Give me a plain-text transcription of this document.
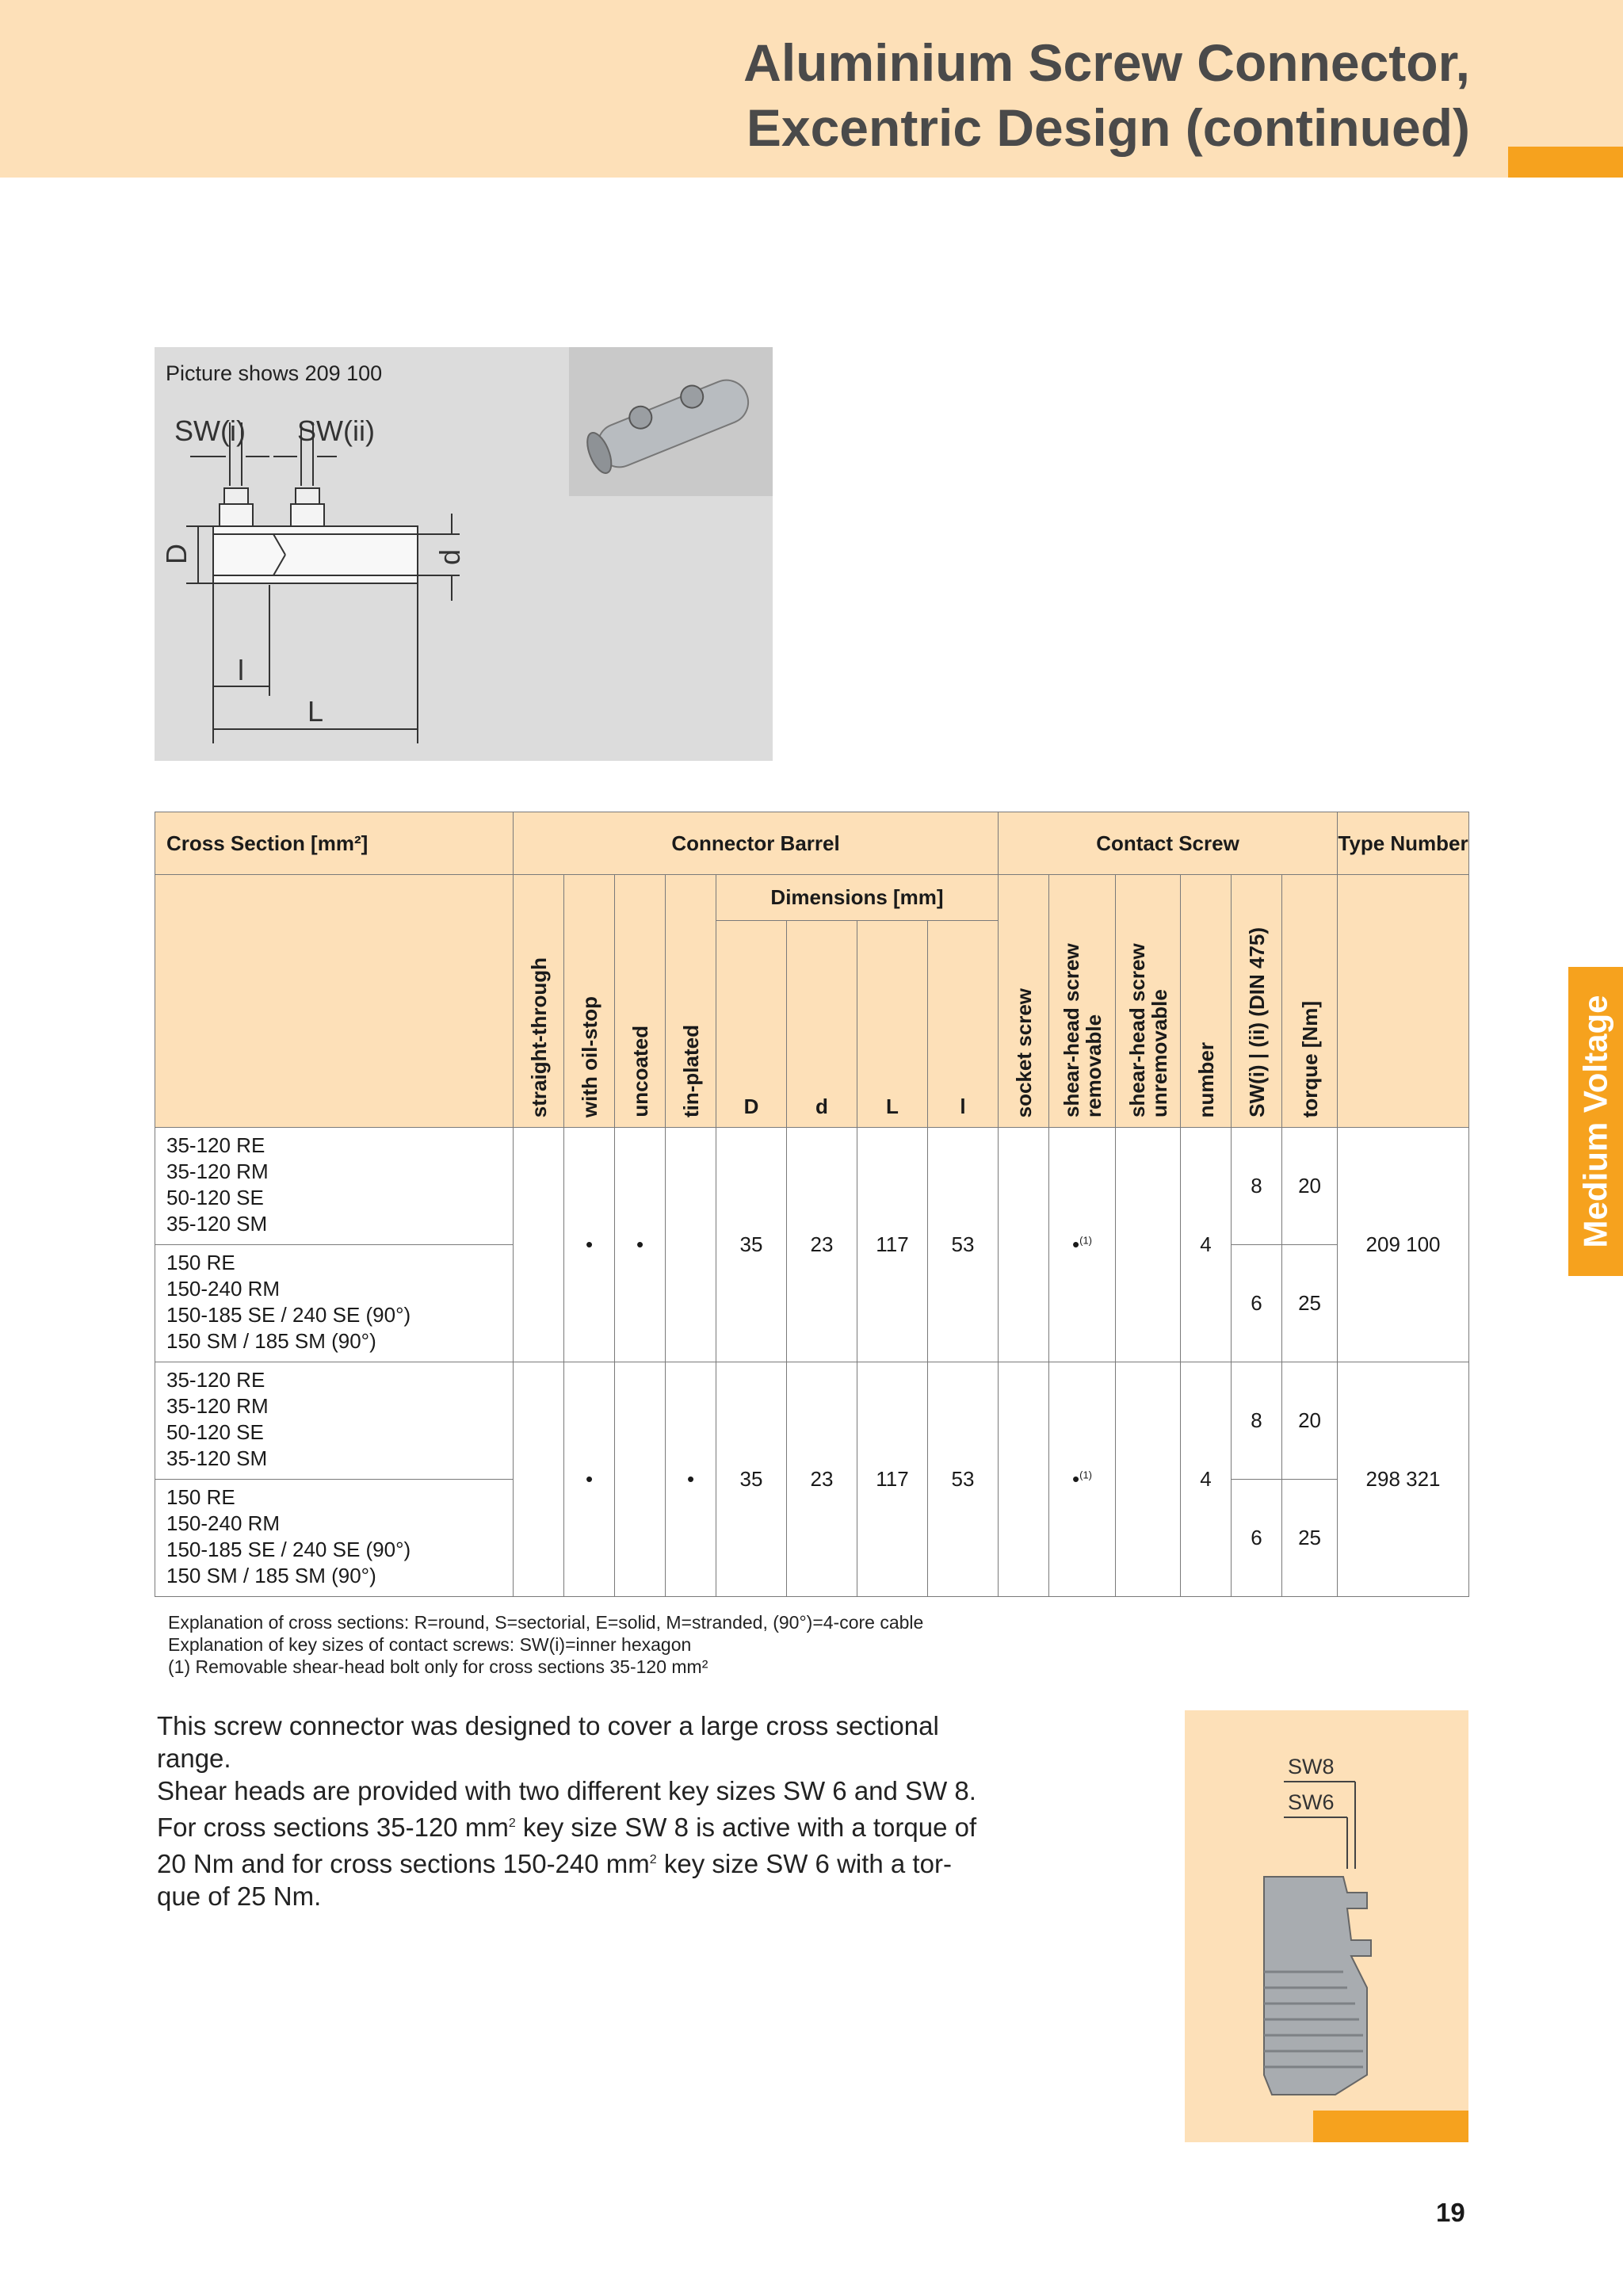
Aluminium Screw Connector,
Excentric Design (continued)
Medium Voltage
Picture shows 209 100
SW(i) SW(ii)
D	d
l
L
Cross Section [mm²]	Connector Barrel								Contact Screw						Type Number

	straight-through	with oil-stop	uncoated	tin-plated	Dimensions [mm]				socket screw	shear-head screw removable	shear-head screw unremovable	number	SW(i) | (ii) (DIN 475)	torque [Nm]	

					D	d	L	l							

35-120 RE
35-120 RM
50-120 SE
35-120 SM		•	•		35	23	117	53		•$^{(1)}$		4	8	20	209 100

150 RE
150-240 RM
150-185 SE / 240 SE (90°)
150 SM / 185 SM (90°)													6	25	

35-120 RE
35-120 RM
50-120 SE
35-120 SM		•		•	35	23	117	53		•$^{(1)}$		4	8	20	298 321

150 RE
150-240 RM
150-185 SE / 240 SE (90°)
150 SM / 185 SM (90°)													6	25	
Explanation of cross sections: R=round, S=sectorial, E=solid, M=stranded, (90°)=4-core cable
Explanation of key sizes of contact screws: SW(i)=inner hexagon
(1) Removable shear-head bolt only for cross sections 35-120 mm²
This screw connector was designed to cover a large cross sectional
range.
Shear heads are provided with two different key sizes SW 6 and SW 8.
For cross sections 35-120 $mm^2$ key size SW 8 is active with a torque of
20 Nm and for cross sections 150-240 $mm^2$ key size SW 6 with a tor-
que of 25 Nm.
SW8
SW6
19
